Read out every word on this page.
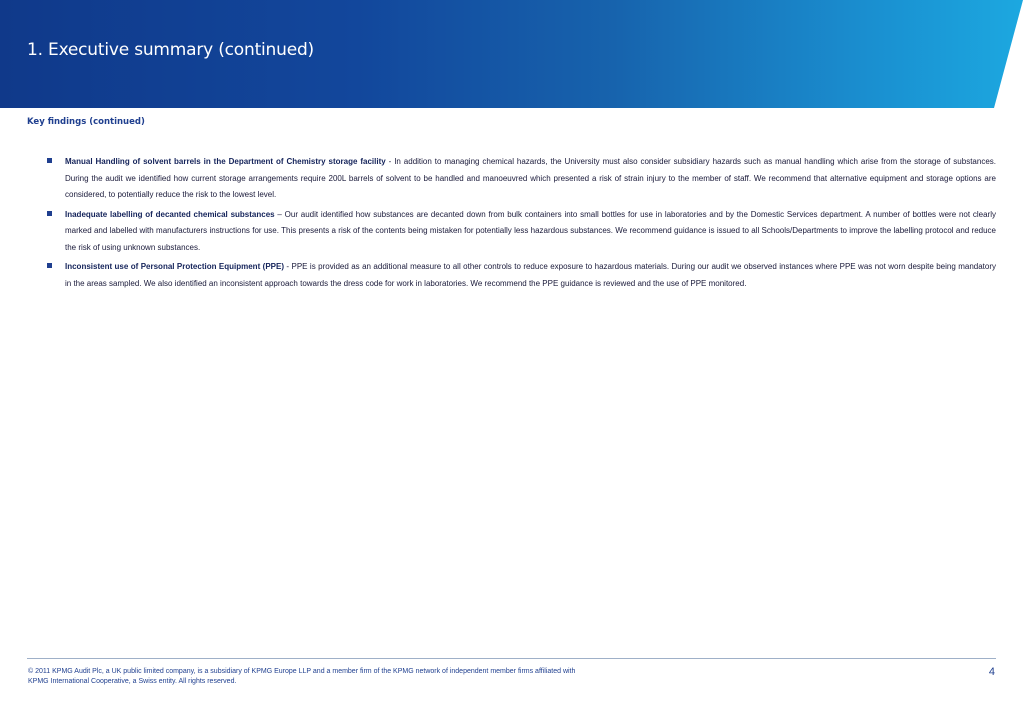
1. Executive summary (continued)
Key findings (continued)
Manual Handling of solvent barrels in the Department of Chemistry storage facility - In addition to managing chemical hazards, the University must also consider subsidiary hazards such as manual handling which arise from the storage of substances. During the audit we identified how current storage arrangements require 200L barrels of solvent to be handled and manoeuvred which presented a risk of strain injury to the member of staff. We recommend that alternative equipment and storage options are considered, to potentially reduce the risk to the lowest level.
Inadequate labelling of decanted chemical substances – Our audit identified how substances are decanted down from bulk containers into small bottles for use in laboratories and by the Domestic Services department. A number of bottles were not clearly marked and labelled with manufacturers instructions for use. This presents a risk of the contents being mistaken for potentially less hazardous substances. We recommend guidance is issued to all Schools/Departments to improve the labelling protocol and reduce the risk of using unknown substances.
Inconsistent use of Personal Protection Equipment (PPE) - PPE is provided as an additional measure to all other controls to reduce exposure to hazardous materials. During our audit we observed instances where PPE was not worn despite being mandatory in the areas sampled. We also identified an inconsistent approach towards the dress code for work in laboratories. We recommend the PPE guidance is reviewed and the use of PPE monitored.

© 2011 KPMG Audit Plc, a UK public limited company, is a subsidiary of KPMG Europe LLP and a member firm of the KPMG network of independent member firms affiliated with
KPMG International Cooperative, a Swiss entity. All rights reserved.

4
